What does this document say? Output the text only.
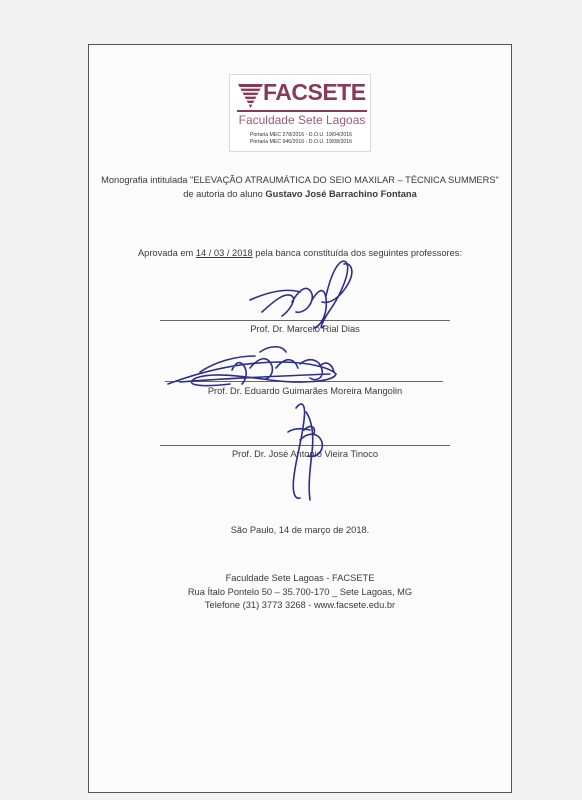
FACSETE
Faculdade Sete Lagoas
Portaria MEC 278/2016 - D.O.U. 19/04/2016
Portaria MEC 946/2016 - D.O.U. 19/08/2016
Monografia intitulada "ELEVAÇÃO ATRAUMÁTICA DO SEIO MAXILAR – TÉCNICA SUMMERS"
de autoria do aluno Gustavo José Barrachino Fontana
Aprovada em 14 / 03 / 2018 pela banca constituída dos seguintes professores:
Prof. Dr. Marcelo Rial Dias
Prof. Dr. Eduardo Guimarães Moreira Mangolin
Prof. Dr. José Antonio Vieira Tinoco
São Paulo, 14 de março de 2018.
Faculdade Sete Lagoas - FACSETE
Rua Ítalo Pontelo 50 – 35.700-170 _ Sete Lagoas, MG
Telefone (31) 3773 3268 - www.facsete.edu.br
